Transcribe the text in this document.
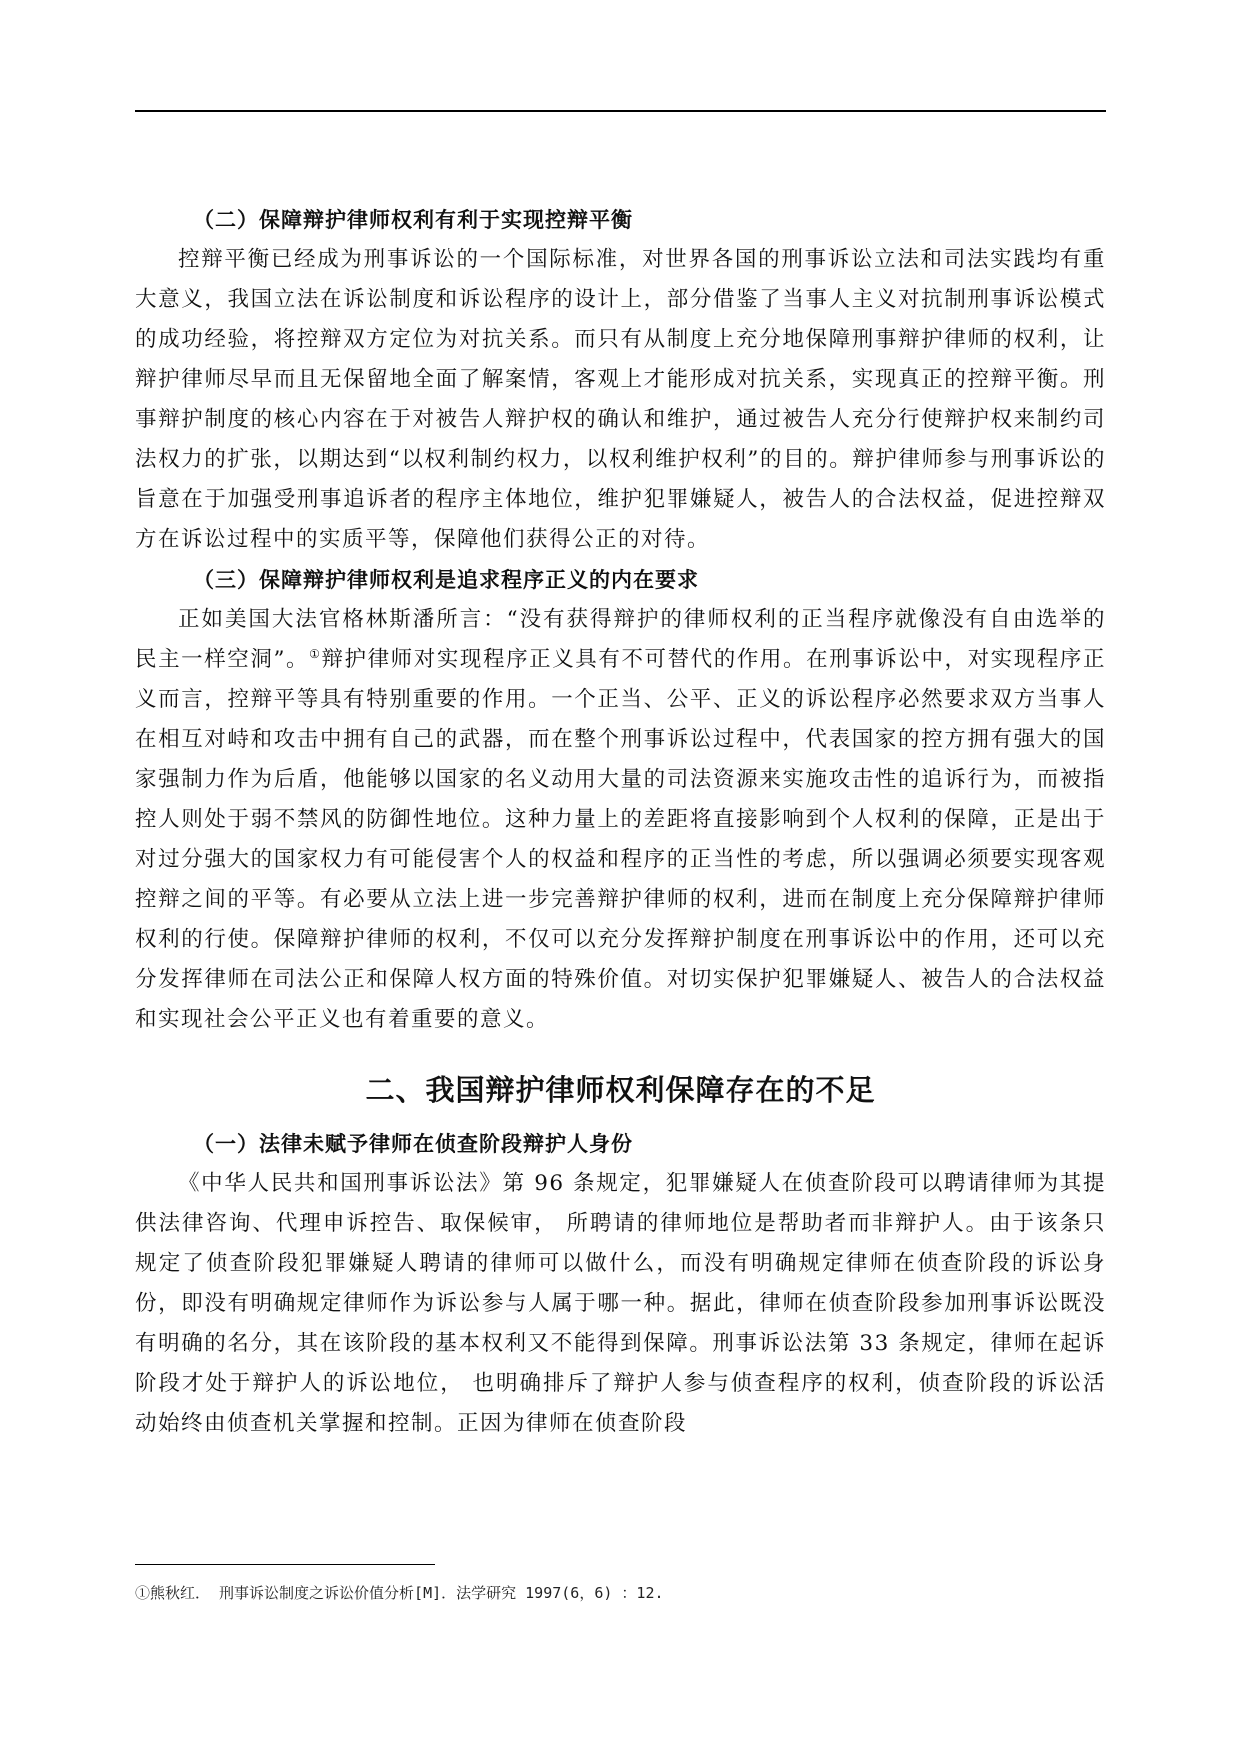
（二）保障辩护律师权利有利于实现控辩平衡

控辩平衡已经成为刑事诉讼的一个国际标准，对世界各国的刑事诉讼立法和司法实践均有重大意义，我国立法在诉讼制度和诉讼程序的设计上，部分借鉴了当事人主义对抗制刑事诉讼模式的成功经验，将控辩双方定位为对抗关系。而只有从制度上充分地保障刑事辩护律师的权利，让辩护律师尽早而且无保留地全面了解案情，客观上才能形成对抗关系，实现真正的控辩平衡。刑事辩护制度的核心内容在于对被告人辩护权的确认和维护，通过被告人充分行使辩护权来制约司法权力的扩张，以期达到“以权利制约权力，以权利维护权利”的目的。辩护律师参与刑事诉讼的旨意在于加强受刑事追诉者的程序主体地位，维护犯罪嫌疑人，被告人的合法权益，促进控辩双方在诉讼过程中的实质平等，保障他们获得公正的对待。

（三）保障辩护律师权利是追求程序正义的内在要求

正如美国大法官格林斯潘所言：“没有获得辩护的律师权利的正当程序就像没有自由选举的民主一样空洞”。①辩护律师对实现程序正义具有不可替代的作用。在刑事诉讼中，对实现程序正义而言，控辩平等具有特别重要的作用。一个正当、公平、正义的诉讼程序必然要求双方当事人在相互对峙和攻击中拥有自己的武器，而在整个刑事诉讼过程中，代表国家的控方拥有强大的国家强制力作为后盾，他能够以国家的名义动用大量的司法资源来实施攻击性的追诉行为，而被指控人则处于弱不禁风的防御性地位。这种力量上的差距将直接影响到个人权利的保障，正是出于对过分强大的国家权力有可能侵害个人的权益和程序的正当性的考虑，所以强调必须要实现客观控辩之间的平等。有必要从立法上进一步完善辩护律师的权利，进而在制度上充分保障辩护律师权利的行使。保障辩护律师的权利，不仅可以充分发挥辩护制度在刑事诉讼中的作用，还可以充分发挥律师在司法公正和保障人权方面的特殊价值。对切实保护犯罪嫌疑人、被告人的合法权益和实现社会公平正义也有着重要的意义。

二、我国辩护律师权利保障存在的不足
（一）法律未赋予律师在侦查阶段辩护人身份

《中华人民共和国刑事诉讼法》第 96 条规定，犯罪嫌疑人在侦查阶段可以聘请律师为其提供法律咨询、代理申诉控告、取保候审， 所聘请的律师地位是帮助者而非辩护人。由于该条只规定了侦查阶段犯罪嫌疑人聘请的律师可以做什么，而没有明确规定律师在侦查阶段的诉讼身份，即没有明确规定律师作为诉讼参与人属于哪一种。据此，律师在侦查阶段参加刑事诉讼既没有明确的名分，其在该阶段的基本权利又不能得到保障。刑事诉讼法第 33 条规定，律师在起诉阶段才处于辩护人的诉讼地位， 也明确排斥了辩护人参与侦查程序的权利，侦查阶段的诉讼活动始终由侦查机关掌握和控制。正因为律师在侦查阶段

①熊秋红． 刑事诉讼制度之诉讼价值分析[M]．法学研究 1997(6，6) ：12.
